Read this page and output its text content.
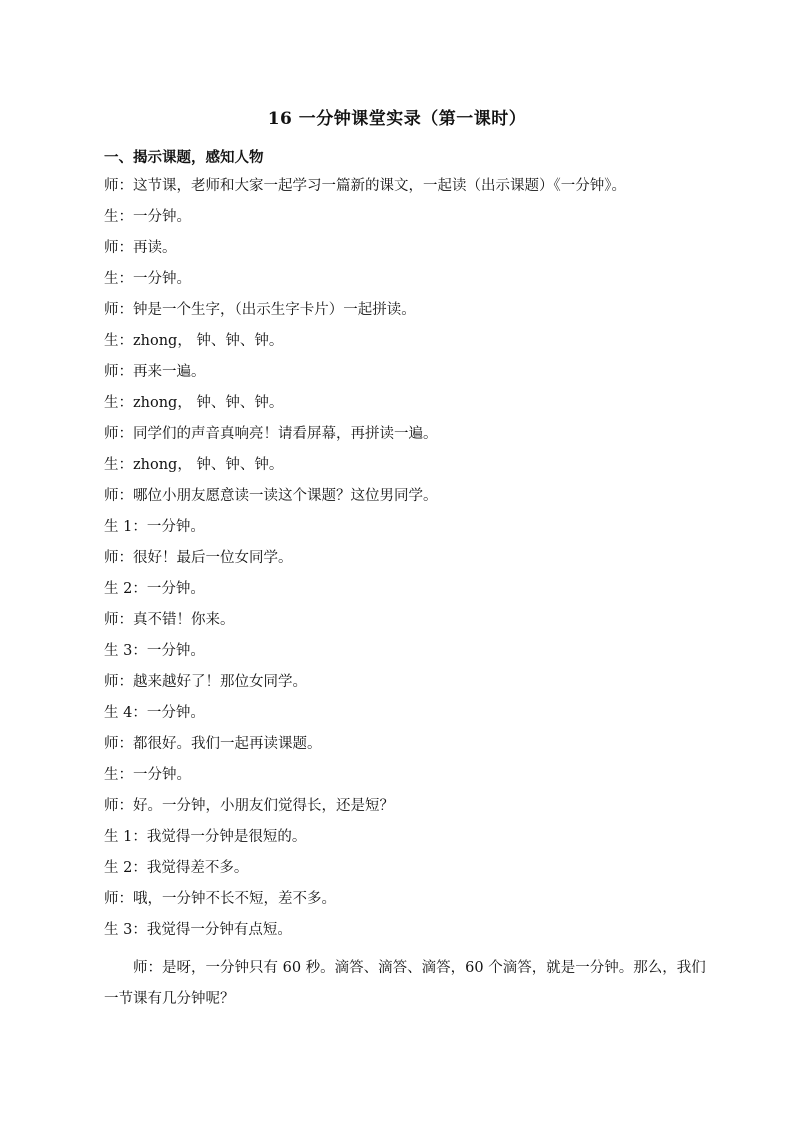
16 一分钟课堂实录（第一课时）
一、揭示课题，感知人物
师：这节课，老师和大家一起学习一篇新的课文，一起读（出示课题）《一分钟》。
生：一分钟。
师：再读。
生：一分钟。
师：钟是一个生字，（出示生字卡片）一起拼读。
生：zhong， 钟、钟、钟。
师：再来一遍。
生：zhong， 钟、钟、钟。
师：同学们的声音真响亮！请看屏幕，再拼读一遍。
生：zhong， 钟、钟、钟。
师：哪位小朋友愿意读一读这个课题？这位男同学。
生 1：一分钟。
师：很好！最后一位女同学。
生 2：一分钟。
师：真不错！你来。
生 3：一分钟。
师：越来越好了！那位女同学。
生 4：一分钟。
师：都很好。我们一起再读课题。
生：一分钟。
师：好。一分钟，小朋友们觉得长，还是短？
生 1：我觉得一分钟是很短的。
生 2：我觉得差不多。
师：哦，一分钟不长不短，差不多。
生 3：我觉得一分钟有点短。
师：是呀，一分钟只有 60 秒。滴答、滴答、滴答，60 个滴答，就是一分钟。那么，我们
一节课有几分钟呢？
